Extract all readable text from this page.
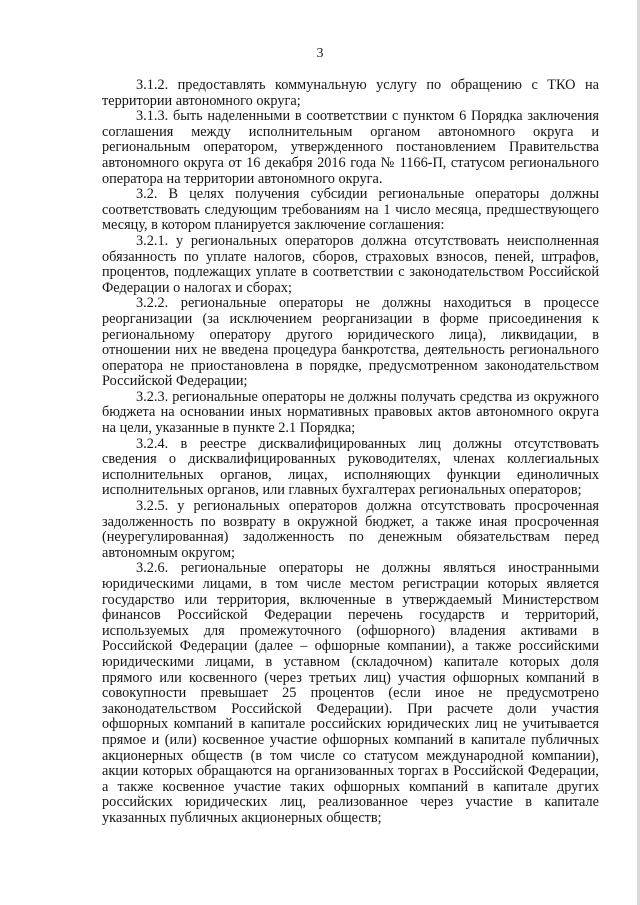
3

3.1.2. предоставлять коммунальную услугу по обращению с ТКО на территории автономного округа;

3.1.3. быть наделенными в соответствии с пунктом 6 Порядка заключения соглашения между исполнительным органом автономного округа и региональным оператором, утвержденного постановлением Правительства автономного округа от 16 декабря 2016 года № 1166-П, статусом регионального оператора на территории автономного округа.

3.2. В целях получения субсидии региональные операторы должны соответствовать следующим требованиям на 1 число месяца, предшествующего месяцу, в котором планируется заключение соглашения:

3.2.1. у региональных операторов должна отсутствовать неисполненная обязанность по уплате налогов, сборов, страховых взносов, пеней, штрафов, процентов, подлежащих уплате в соответствии с законодательством Российской Федерации о налогах и сборах;

3.2.2. региональные операторы не должны находиться в процессе реорганизации (за исключением реорганизации в форме присоединения к региональному оператору другого юридического лица), ликвидации, в отношении них не введена процедура банкротства, деятельность регионального оператора не приостановлена в порядке, предусмотренном законодательством Российской Федерации;

3.2.3. региональные операторы не должны получать средства из окружного бюджета на основании иных нормативных правовых актов автономного округа на цели, указанные в пункте 2.1 Порядка;

3.2.4. в реестре дисквалифицированных лиц должны отсутствовать сведения о дисквалифицированных руководителях, членах коллегиальных исполнительных органов, лицах, исполняющих функции единоличных исполнительных органов, или главных бухгалтерах региональных операторов;

3.2.5. у региональных операторов должна отсутствовать просроченная задолженность по возврату в окружной бюджет, а также иная просроченная (неурегулированная) задолженность по денежным обязательствам перед автономным округом;

3.2.6. региональные операторы не должны являться иностранными юридическими лицами, в том числе местом регистрации которых является государство или территория, включенные в утверждаемый Министерством финансов Российской Федерации перечень государств и территорий, используемых для промежуточного (офшорного) владения активами в Российской Федерации (далее – офшорные компании), а также российскими юридическими лицами, в уставном (складочном) капитале которых доля прямого или косвенного (через третьих лиц) участия офшорных компаний в совокупности превышает 25 процентов (если иное не предусмотрено законодательством Российской Федерации). При расчете доли участия офшорных компаний в капитале российских юридических лиц не учитывается прямое и (или) косвенное участие офшорных компаний в капитале публичных акционерных обществ (в том числе со статусом международной компании), акции которых обращаются на организованных торгах в Российской Федерации, а также косвенное участие таких офшорных компаний в капитале других российских юридических лиц, реализованное через участие в капитале указанных публичных акционерных обществ;
